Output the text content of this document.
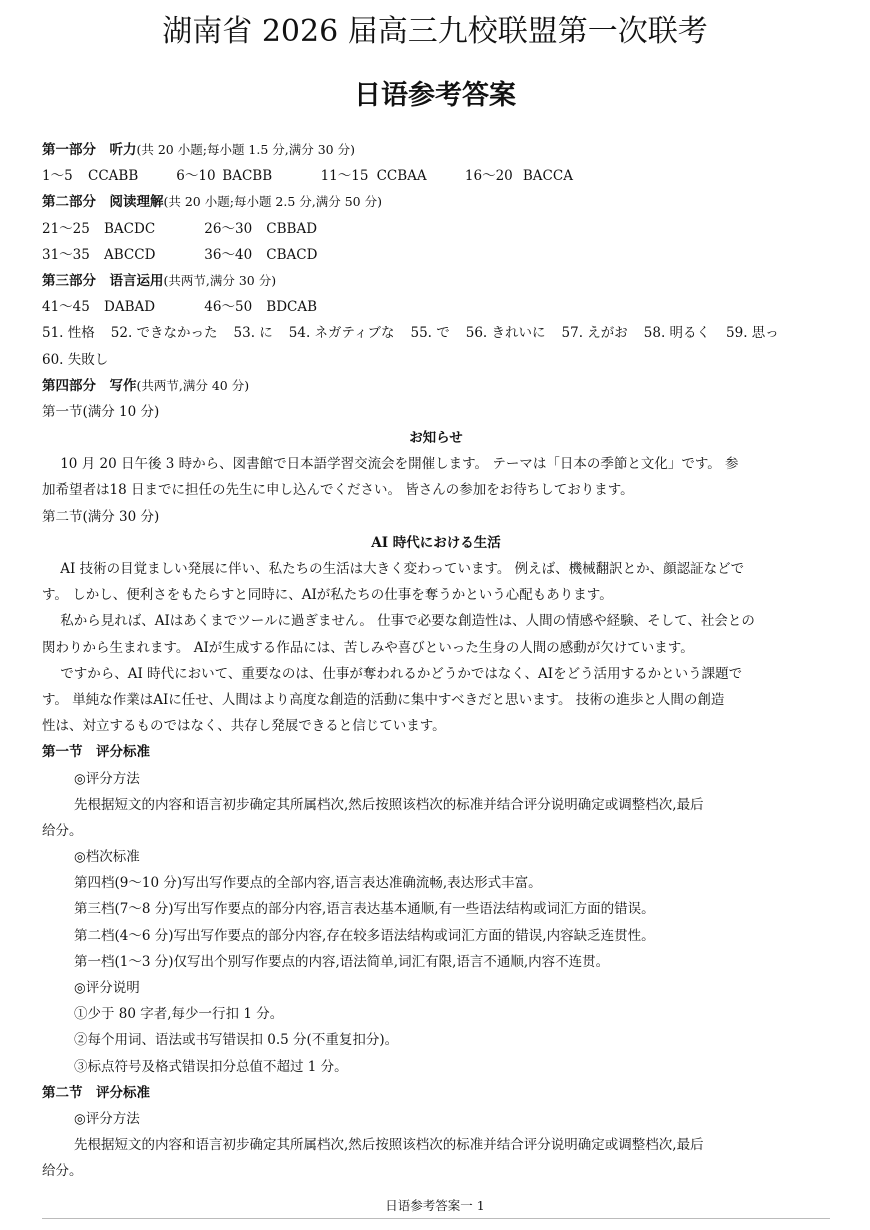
湖南省 2026 届高三九校联盟第一次联考
日语参考答案
第一部分　听力(共 20 小题;每小题 1.5 分,满分 30 分)
1～5 CCABB	6～10 BACBB	11～15 CCBAA	16～20 BACCA
第二部分　阅读理解(共 20 小题;每小题 2.5 分,满分 50 分)
21～25 BACDC	26～30 CBBAD
31～35 ABCCD	36～40 CBACD
第三部分　语言运用(共两节,满分 30 分)
41～45 DABAD	46～50 BDCAB
51. 性格 52. できなかった 53. に 54. ネガティブな 55. で 56. きれいに 57. えがお 58. 明るく 59. 思っ
60. 失敗し
第四部分　写作(共两节,满分 40 分)
第一节(满分 10 分)
お知らせ
10 月 20 日午後 3 時から、図書館で日本語学習交流会を開催します。 テーマは「日本の季節と文化」です。 参
加希望者は18 日までに担任の先生に申し込んでください。 皆さんの参加をお待ちしております。
第二节(满分 30 分)
AI 時代における生活
AI 技術の目覚ましい発展に伴い、私たちの生活は大きく変わっています。 例えば、機械翻訳とか、顔認証などで
す。 しかし、便利さをもたらすと同時に、AIが私たちの仕事を奪うかという心配もあります。
私から見れば、AIはあくまでツールに過ぎません。 仕事で必要な創造性は、人間の情感や経験、そして、社会との
関わりから生まれます。 AIが生成する作品には、苦しみや喜びといった生身の人間の感動が欠けています。
ですから、AI 時代において、重要なのは、仕事が奪われるかどうかではなく、AIをどう活用するかという課題で
す。 単純な作業はAIに任せ、人間はより高度な創造的活動に集中すべきだと思います。 技術の進歩と人間の創造
性は、対立するものではなく、共存し発展できると信じています。
第一节　评分标准
◎评分方法
先根据短文的内容和语言初步确定其所属档次,然后按照该档次的标准并结合评分说明确定或调整档次,最后
给分。
◎档次标准
第四档(9～10 分)写出写作要点的全部内容,语言表达准确流畅,表达形式丰富。
第三档(7～8 分)写出写作要点的部分内容,语言表达基本通顺,有一些语法结构或词汇方面的错误。
第二档(4～6 分)写出写作要点的部分内容,存在较多语法结构或词汇方面的错误,内容缺乏连贯性。
第一档(1～3 分)仅写出个别写作要点的内容,语法简单,词汇有限,语言不通顺,内容不连贯。
◎评分说明
①少于 80 字者,每少一行扣 1 分。
②每个用词、语法或书写错误扣 0.5 分(不重复扣分)。
③标点符号及格式错误扣分总值不超过 1 分。
第二节　评分标准
◎评分方法
先根据短文的内容和语言初步确定其所属档次,然后按照该档次的标准并结合评分说明确定或调整档次,最后
给分。
日语参考答案一 1
